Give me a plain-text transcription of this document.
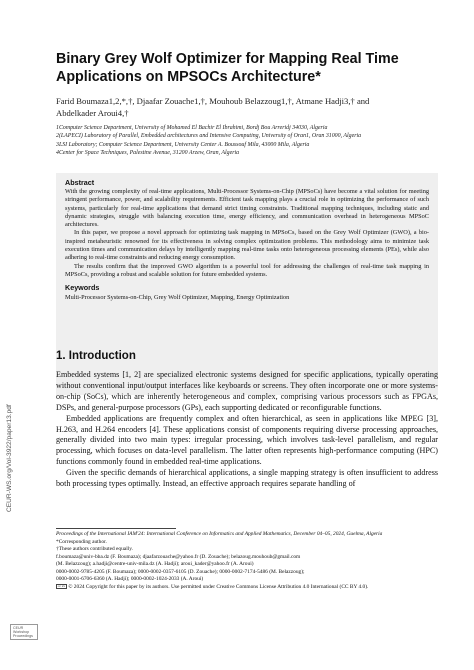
Binary Grey Wolf Optimizer for Mapping Real Time Applications on MPSOCs Architecture*
Farid Boumaza1,2,*,†, Djaafar Zouache1,†, Mouhoub Belazzoug1,†, Atmane Hadji3,† and
Abdelkader Aroui4,†
1Computer Science Department, University of Mohamed El Bachir El Ibrahimi, Bordj Bou Arreridj 34030, Algeria
2(LAPECI) Laboratory of Parallel, Embedded architectures and Intensive Computing, University of Oran1, Oran 31000, Algeria
3LSI Laboratory; Computer Science Department, University Center A. Boussouf Mila, 43000 Mila, Algeria
4Center for Space Techniques, Palestine Avenue, 31200 Arzew, Oran, Algeria
Abstract

With the growing complexity of real-time applications, Multi-Processor Systems-on-Chip (MPSoCs) have become a vital solution for meeting stringent performance, power, and scalability requirements. Efficient task mapping plays a crucial role in optimizing the performance of such systems, particularly for real-time applications that demand strict timing constraints. Traditional mapping techniques, including static and dynamic strategies, struggle with balancing execution time, energy efficiency, and communication overhead in heterogeneous MPSoC architectures.

In this paper, we propose a novel approach for optimizing task mapping in MPSoCs, based on the Grey Wolf Optimizer (GWO), a bio-inspired metaheuristic renowned for its effectiveness in solving complex optimization problems. This methodology aims to minimize task execution times and communication delays by intelligently mapping real-time tasks onto heterogeneous processing elements (PEs), while also adhering to real-time constraints and reducing energy consumption.

The results confirm that the improved GWO algorithm is a powerful tool for addressing the challenges of real-time task mapping in MPSoCs, providing a robust and scalable solution for future embedded systems.

Keywords
Multi-Processor Systems-on-Chip, Grey Wolf Optimizer, Mapping, Energy Optimization
1. Introduction

Embedded systems [1, 2] are specialized electronic systems designed for specific applications, typically operating without conventional input/output interfaces like keyboards or screens. They often incorporate one or more systems-on-chip (SoCs), which are inherently heterogeneous and complex, comprising various processors such as FPGAs, DSPs, and general-purpose processors (GPs), each supporting dedicated or reconfigurable functions.

Embedded applications are frequently complex and often hierarchical, as seen in applications like MPEG [3], H.263, and H.264 encoders [4]. These applications consist of components requiring diverse processing approaches, generally divided into two main types: irregular processing, which involves task-level parallelism, and regular processing, which focuses on data-level parallelism. The latter often represents high-performance computing (HPC) functions commonly found in embedded real-time applications.

Given the specific demands of hierarchical applications, a single mapping strategy is often insufficient to address both processing types optimally. Instead, an effective approach requires separate handling of

Proceedings of the International IAM'24: International Conference on Informatics and Applied Mathematics, December 04–05, 2024, Guelma, Algeria
*Corresponding author.
†These authors contributed equally.
f.boumaza@univ-bba.dz (F. Boumaza); djaafarzouache@yahoo.fr (D. Zouache); belazoug.mouhoub@gmail.com
(M. Belazzoug); a.hadji@centre-univ-mila.dz (A. Hadji); aroui_kader@yahoo.fr (A. Aroui)
0000-0002-9785-4205 (F. Boumaza); 0000-0002-0357-6105 (D. Zouache); 0000-0002-7174-5486 (M. Belazzoug);
0000-0001-6706-6360 (A. Hadji); 0000-0002-1024-2033 (A. Aroui)
CC BY © 2024 Copyright for this paper by its authors. Use permitted under Creative Commons License Attribution 4.0 International (CC BY 4.0).
CEUR-WS.org/Vol-3922/paper13.pdf
CEUR Workshop Proceedings
